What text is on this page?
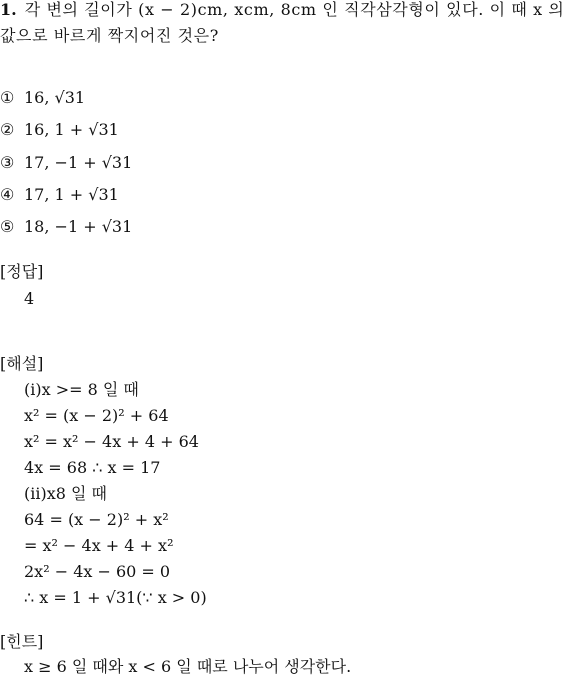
1. 각 변의 길이가 (x − 2)cm, xcm, 8cm 인 직각삼각형이 있다. 이 때 x 의
값으로 바르게 짝지어진 것은?
① 16, √31
② 16, 1 + √31
③ 17, −1 + √31
④ 17, 1 + √31
⑤ 18, −1 + √31
[정답]
4
[해설]
(i)x >= 8 일 때
x² = (x − 2)² + 64
x² = x² − 4x + 4 + 64
4x = 68 ∴ x = 17
(ii)x8 일 때
64 = (x − 2)² + x²
= x² − 4x + 4 + x²
2x² − 4x − 60 = 0
∴ x = 1 + √31(∵ x > 0)
[힌트]
x ≥ 6 일 때와 x < 6 일 때로 나누어 생각한다.
